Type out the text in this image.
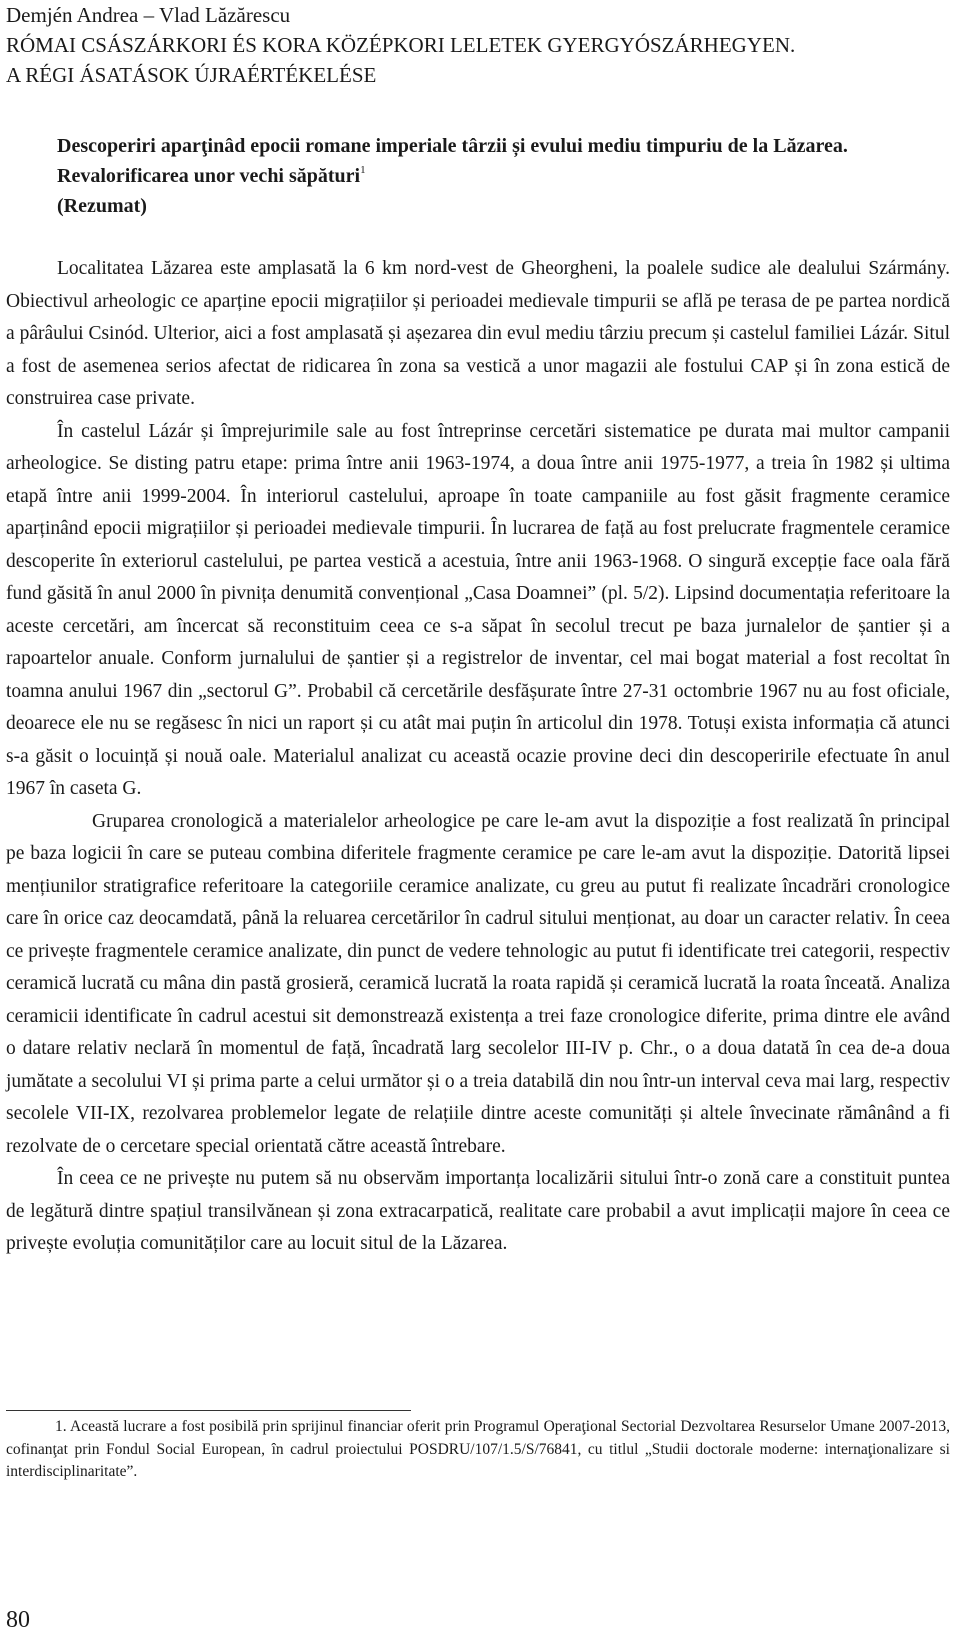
Demjén Andrea – Vlad Lăzărescu
RÓMAI CSÁSZÁRKORI ÉS KORA KÖZÉPKORI LELETEK GYERGYÓSZÁRHEGYEN.
A RÉGI ÁSATÁSOK ÚJRAÉRTÉKELÉSE
Descoperiri aparţinâd epocii romane imperiale târzii și evului mediu timpuriu de la Lăzarea.
Revalorificarea unor vechi săpături$^1$
(Rezumat)

Localitatea Lăzarea este amplasată la 6 km nord-vest de Gheorgheni, la poalele sudice ale dealului Szármány. Obiectivul arheologic ce aparține epocii migrațiilor și perioadei medievale timpurii se află pe terasa de pe partea nordică a pârâului Csinód. Ulterior, aici a fost amplasată și așezarea din evul mediu târziu precum și castelul familiei Lázár. Situl a fost de asemenea serios afectat de ridicarea în zona sa vestică a unor magazii ale fostului CAP și în zona estică de construirea case private.

În castelul Lázár și împrejurimile sale au fost întreprinse cercetări sistematice pe durata mai multor campanii arheologice. Se disting patru etape: prima între anii 1963-1974, a doua între anii 1975-1977, a treia în 1982 și ultima etapă între anii 1999-2004. În interiorul castelului, aproape în toate campaniile au fost găsit fragmente ceramice aparținând epocii migrațiilor și perioadei medievale timpurii. În lucrarea de față au fost prelucrate fragmentele ceramice descoperite în exteriorul castelului, pe partea vestică a acestuia, între anii 1963-1968. O singură excepție face oala fără fund găsită în anul 2000 în pivnița denumită convențional „Casa Doamnei” (pl. 5/2). Lipsind documentația referitoare la aceste cercetări, am încercat să reconstituim ceea ce s-a săpat în secolul trecut pe baza jurnalelor de șantier și a rapoartelor anuale. Conform jurnalului de șantier și a registrelor de inventar, cel mai bogat material a fost recoltat în toamna anului 1967 din „sectorul G”. Probabil că cercetările desfășurate între 27-31 octombrie 1967 nu au fost oficiale, deoarece ele nu se regăsesc în nici un raport și cu atât mai puțin în articolul din 1978. Totuși exista informația că atunci s-a găsit o locuință și nouă oale. Materialul analizat cu această ocazie provine deci din descoperirile efectuate în anul 1967 în caseta G.

Gruparea cronologică a materialelor arheologice pe care le-am avut la dispoziție a fost realizată în principal pe baza logicii în care se puteau combina diferitele fragmente ceramice pe care le-am avut la dispoziție. Datorită lipsei mențiunilor stratigrafice referitoare la categoriile ceramice analizate, cu greu au putut fi realizate încadrări cronologice care în orice caz deocamdată, până la reluarea cercetărilor în cadrul sitului menționat, au doar un caracter relativ. În ceea ce privește fragmentele ceramice analizate, din punct de vedere tehnologic au putut fi identificate trei categorii, respectiv ceramică lucrată cu mâna din pastă grosieră, ceramică lucrată la roata rapidă și ceramică lucrată la roata înceată. Analiza ceramicii identificate în cadrul acestui sit demonstrează existența a trei faze cronologice diferite, prima dintre ele având o datare relativ neclară în momentul de față, încadrată larg secolelor III-IV p. Chr., o a doua datată în cea de-a doua jumătate a secolului VI și prima parte a celui următor și o a treia databilă din nou într-un interval ceva mai larg, respectiv secolele VII-IX, rezolvarea problemelor legate de relațiile dintre aceste comunități și altele învecinate rămânând a fi rezolvate de o cercetare special orientată către această întrebare.

În ceea ce ne privește nu putem să nu observăm importanța localizării sitului într-o zonă care a constituit puntea de legătură dintre spațiul transilvănean și zona extracarpatică, realitate care probabil a avut implicații majore în ceea ce privește evoluția comunităților care au locuit situl de la Lăzarea.

1. Această lucrare a fost posibilă prin sprijinul financiar oferit prin Programul Operaţional Sectorial Dezvoltarea Resurselor Umane 2007-2013, cofinanţat prin Fondul Social European, în cadrul proiectului POSDRU/107/1.5/S/76841, cu titlul „Studii doctorale moderne: internaţionalizare si interdisciplinaritate”.

80
